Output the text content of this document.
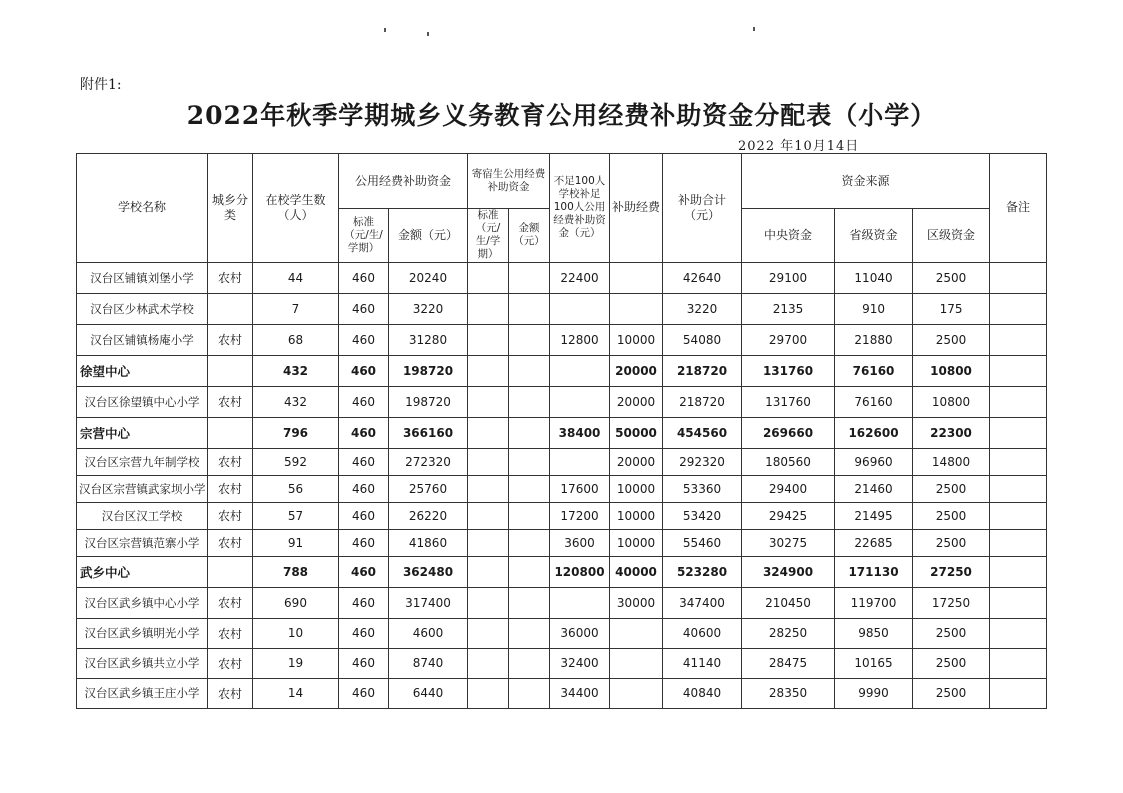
附件1:
2022年秋季学期城乡义务教育公用经费补助资金分配表（小学）
2022 年10月14日
学校名称	城乡分类	在校学生数（人）	公用经费补助资金		寄宿生公用经费补助资金		不足100人学校补足100人公用经费补助资金（元）	补助经费	补助合计（元）	资金来源			备注
			标准（元/生/学期）	金额（元）	标准（元/生/学期）	金额（元）				中央资金	省级资金	区级资金	
汉台区铺镇刘堡小学	农村	44	460	20240			22400		42640	29100	11040	2500	
汉台区少林武术学校		7	460	3220					3220	2135	910	175	
汉台区铺镇杨庵小学	农村	68	460	31280			12800	10000	54080	29700	21880	2500	
徐望中心		432	460	198720				20000	218720	131760	76160	10800	
汉台区徐望镇中心小学	农村	432	460	198720				20000	218720	131760	76160	10800	
宗营中心		796	460	366160			38400	50000	454560	269660	162600	22300	
汉台区宗营九年制学校	农村	592	460	272320				20000	292320	180560	96960	14800	
汉台区宗营镇武家坝小学	农村	56	460	25760			17600	10000	53360	29400	21460	2500	
汉台区汉工学校	农村	57	460	26220			17200	10000	53420	29425	21495	2500	
汉台区宗营镇范寨小学	农村	91	460	41860			3600	10000	55460	30275	22685	2500	
武乡中心		788	460	362480			120800	40000	523280	324900	171130	27250	
汉台区武乡镇中心小学	农村	690	460	317400				30000	347400	210450	119700	17250	
汉台区武乡镇明光小学	农村	10	460	4600			36000		40600	28250	9850	2500	
汉台区武乡镇共立小学	农村	19	460	8740			32400		41140	28475	10165	2500	
汉台区武乡镇王庄小学	农村	14	460	6440			34400		40840	28350	9990	2500	
